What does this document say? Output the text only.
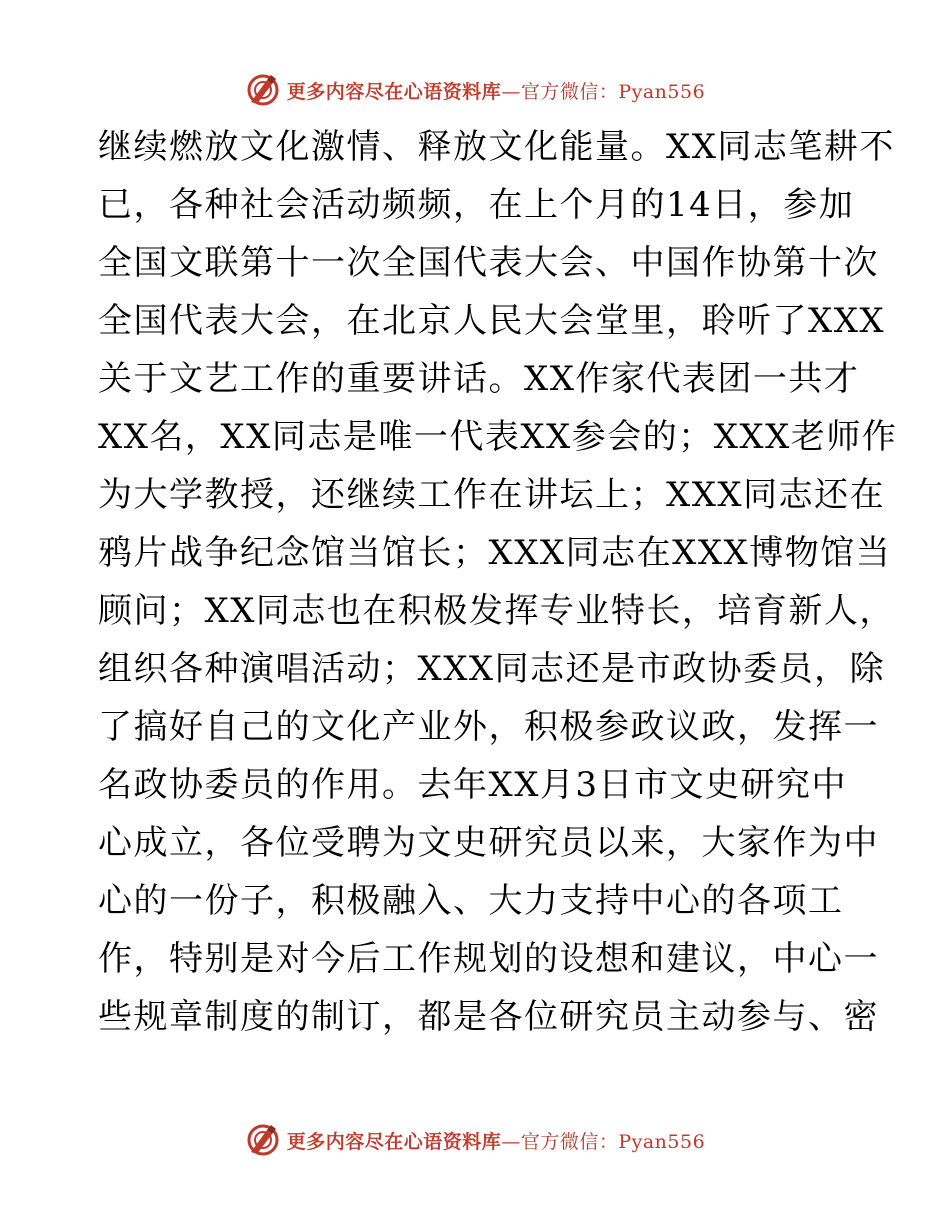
更多内容尽在心语资料库—官方微信：Pyan556
继续燃放文化激情、释放文化能量。XX同志笔耕不
已，各种社会活动频频，在上个月的14日，参加
全国文联第十一次全国代表大会、中国作协第十次
全国代表大会，在北京人民大会堂里，聆听了XXX
关于文艺工作的重要讲话。XX作家代表团一共才
XX名，XX同志是唯一代表XX参会的；XXX老师作
为大学教授，还继续工作在讲坛上；XXX同志还在
鸦片战争纪念馆当馆长；XXX同志在XXX博物馆当
顾问；XX同志也在积极发挥专业特长，培育新人，
组织各种演唱活动；XXX同志还是市政协委员，除
了搞好自己的文化产业外，积极参政议政，发挥一
名政协委员的作用。去年XX月3日市文史研究中
心成立，各位受聘为文史研究员以来，大家作为中
心的一份子，积极融入、大力支持中心的各项工
作，特别是对今后工作规划的设想和建议，中心一
些规章制度的制订，都是各位研究员主动参与、密
更多内容尽在心语资料库—官方微信：Pyan556
